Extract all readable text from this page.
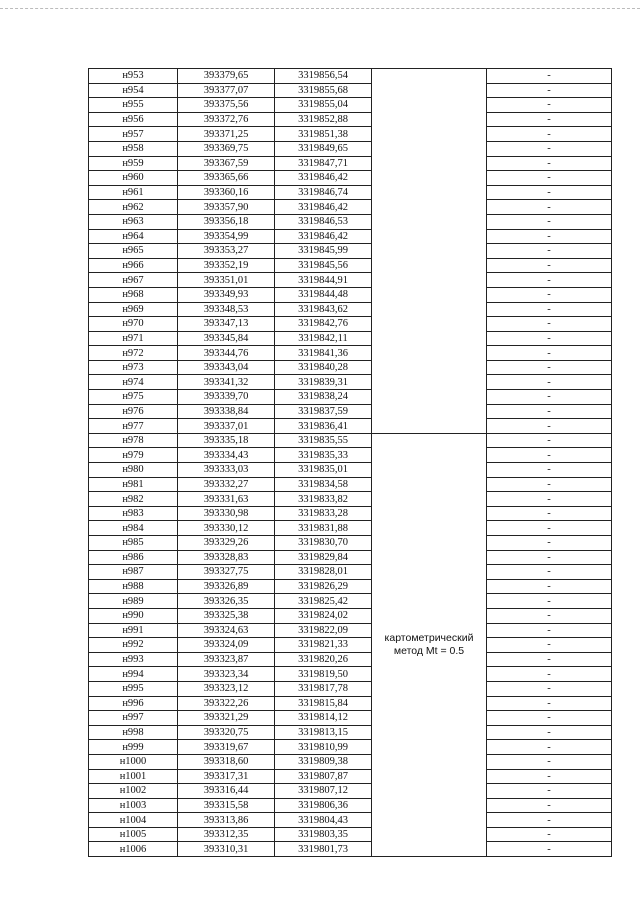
н953	393379,65	3319856,54		-
н954	393377,07	3319855,68		-
н955	393375,56	3319855,04		-
н956	393372,76	3319852,88		-
н957	393371,25	3319851,38		-
н958	393369,75	3319849,65		-
н959	393367,59	3319847,71		-
н960	393365,66	3319846,42		-
н961	393360,16	3319846,74		-
н962	393357,90	3319846,42		-
н963	393356,18	3319846,53		-
н964	393354,99	3319846,42		-
н965	393353,27	3319845,99		-
н966	393352,19	3319845,56		-
н967	393351,01	3319844,91		-
н968	393349,93	3319844,48		-
н969	393348,53	3319843,62		-
н970	393347,13	3319842,76		-
н971	393345,84	3319842,11		-
н972	393344,76	3319841,36		-
н973	393343,04	3319840,28		-
н974	393341,32	3319839,31		-
н975	393339,70	3319838,24		-
н976	393338,84	3319837,59		-
н977	393337,01	3319836,41		-
н978	393335,18	3319835,55	картометрический
метод Mt = 0.5	-
н979	393334,43	3319835,33		-
н980	393333,03	3319835,01		-
н981	393332,27	3319834,58		-
н982	393331,63	3319833,82		-
н983	393330,98	3319833,28		-
н984	393330,12	3319831,88		-
н985	393329,26	3319830,70		-
н986	393328,83	3319829,84		-
н987	393327,75	3319828,01		-
н988	393326,89	3319826,29		-
н989	393326,35	3319825,42		-
н990	393325,38	3319824,02		-
н991	393324,63	3319822,09		-
н992	393324,09	3319821,33		-
н993	393323,87	3319820,26		-
н994	393323,34	3319819,50		-
н995	393323,12	3319817,78		-
н996	393322,26	3319815,84		-
н997	393321,29	3319814,12		-
н998	393320,75	3319813,15		-
н999	393319,67	3319810,99		-
н1000	393318,60	3319809,38		-
н1001	393317,31	3319807,87		-
н1002	393316,44	3319807,12		-
н1003	393315,58	3319806,36		-
н1004	393313,86	3319804,43		-
н1005	393312,35	3319803,35		-
н1006	393310,31	3319801,73		-
